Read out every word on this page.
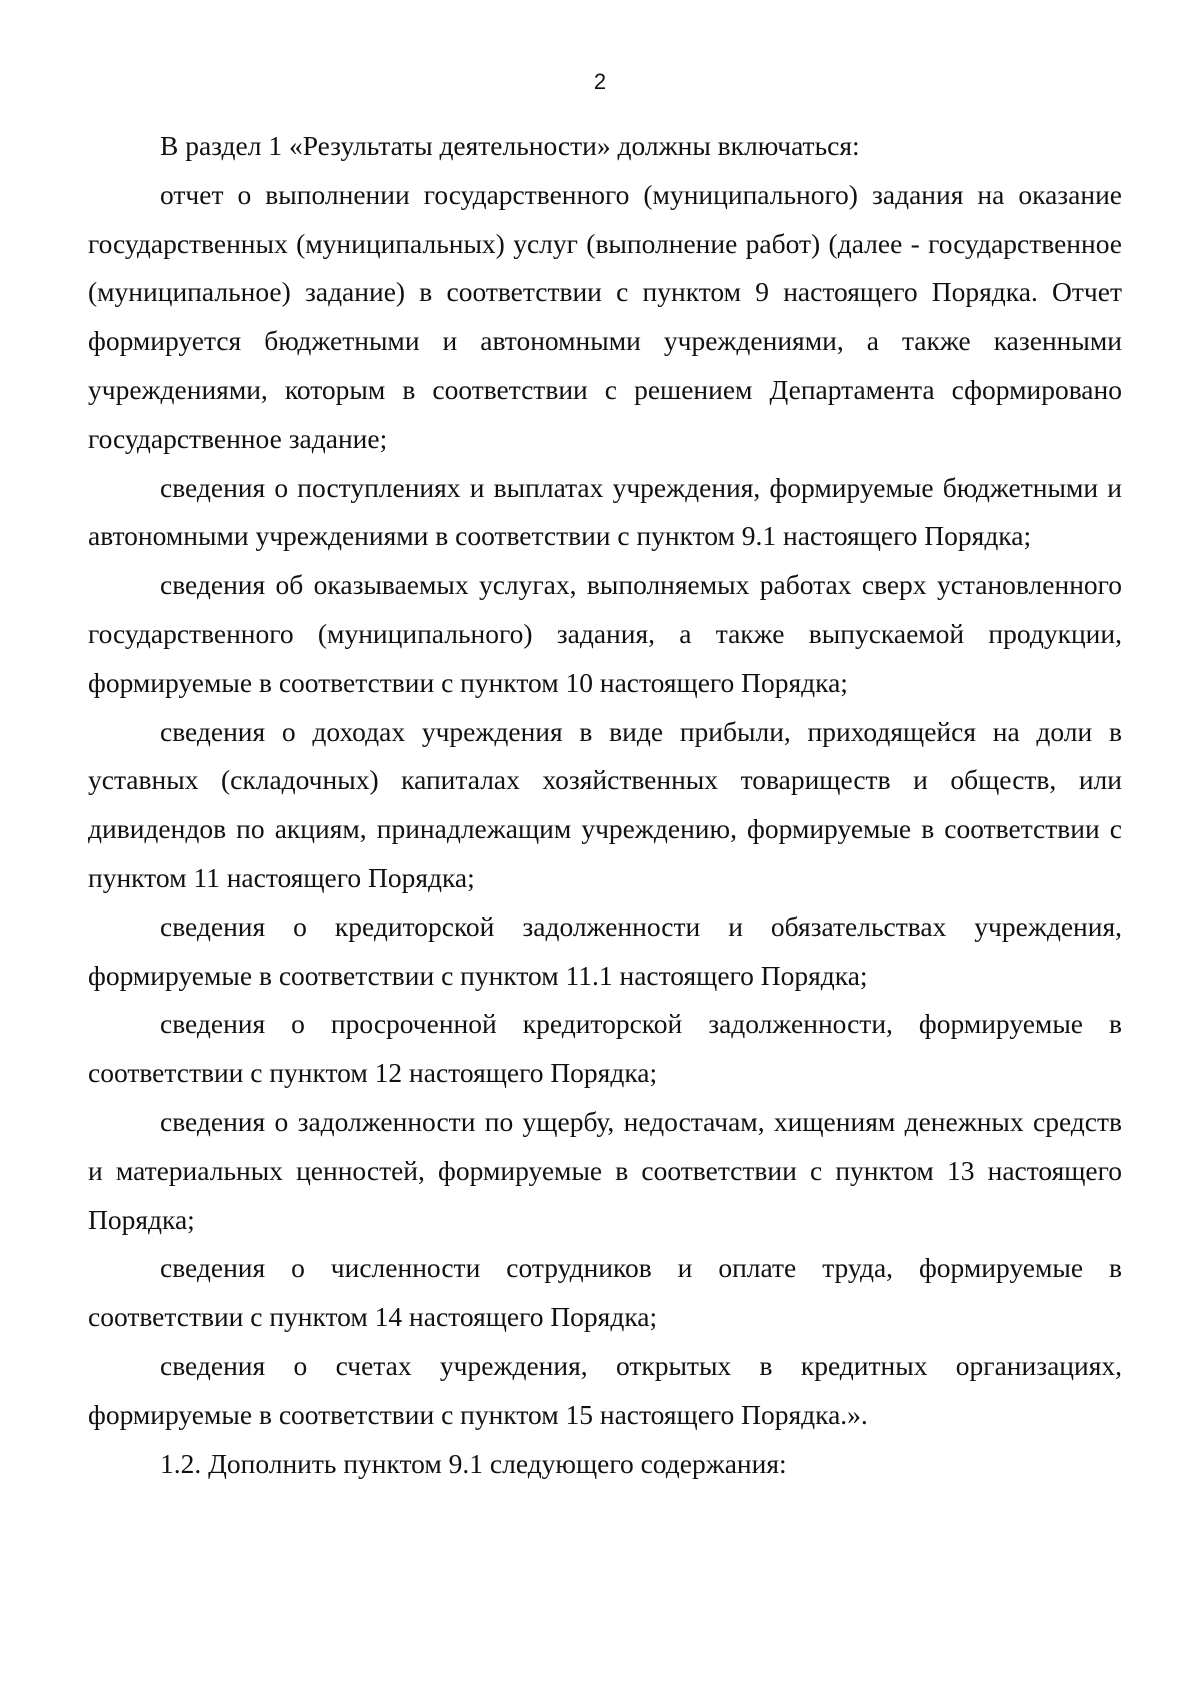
2

В раздел 1 «Результаты деятельности» должны включаться:

отчет о выполнении государственного (муниципального) задания на оказание государственных (муниципальных) услуг (выполнение работ) (далее - государственное (муниципальное) задание) в соответствии с пунктом 9 настоящего Порядка. Отчет формируется бюджетными и автономными учреждениями, а также казенными учреждениями, которым в соответствии с решением Департамента сформировано государственное задание;

сведения о поступлениях и выплатах учреждения, формируемые бюджетными и автономными учреждениями в соответствии с пунктом 9.1 настоящего Порядка;

сведения об оказываемых услугах, выполняемых работах сверх установленного государственного (муниципального) задания, а также выпускаемой продукции, формируемые в соответствии с пунктом 10 настоящего Порядка;

сведения о доходах учреждения в виде прибыли, приходящейся на доли в уставных (складочных) капиталах хозяйственных товариществ и обществ, или дивидендов по акциям, принадлежащим учреждению, формируемые в соответствии с пунктом 11 настоящего Порядка;

сведения о кредиторской задолженности и обязательствах учреждения, формируемые в соответствии с пунктом 11.1 настоящего Порядка;

сведения о просроченной кредиторской задолженности, формируемые в соответствии с пунктом 12 настоящего Порядка;

сведения о задолженности по ущербу, недостачам, хищениям денежных средств и материальных ценностей, формируемые в соответствии с пунктом 13 настоящего Порядка;

сведения о численности сотрудников и оплате труда, формируемые в соответствии с пунктом 14 настоящего Порядка;

сведения о счетах учреждения, открытых в кредитных организациях, формируемые в соответствии с пунктом 15 настоящего Порядка.».

1.2. Дополнить пунктом 9.1 следующего содержания:
